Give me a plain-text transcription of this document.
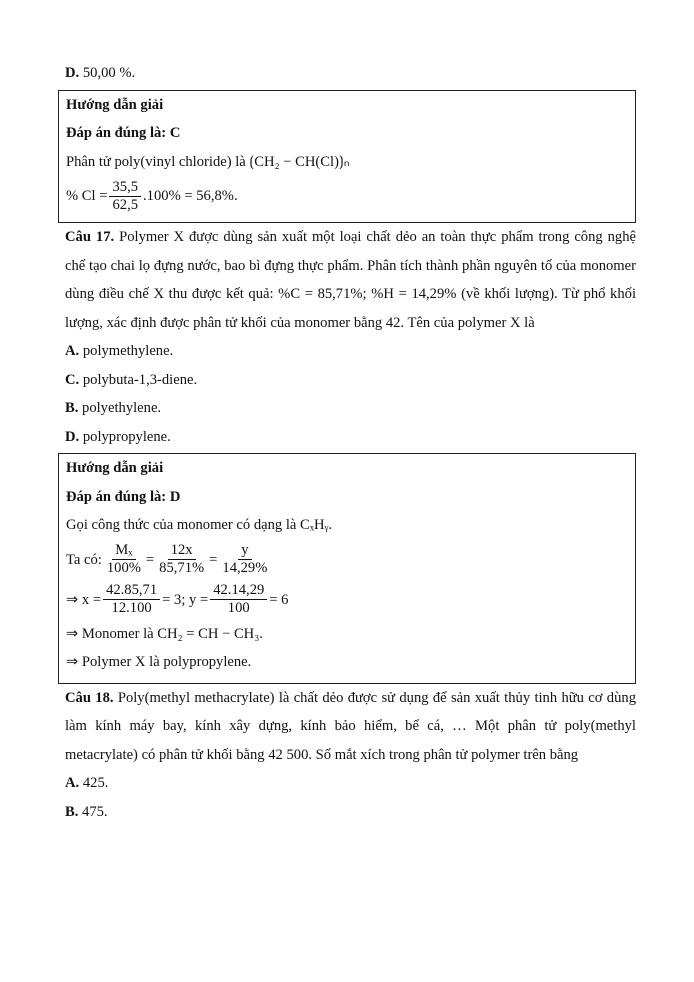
D. 50,00 %.
Hướng dẫn giải
Đáp án đúng là: C
Phân tử poly(vinyl chloride) là ⟮CH₂ − CH(Cl)⟯ₙ
% $Cl = \frac{35,5}{62,5} .100\% = 56,8\%$.
Câu 17. Polymer X được dùng sản xuất một loại chất dẻo an toàn thực phẩm trong công nghệ chế tạo chai lọ đựng nước, bao bì đựng thực phẩm. Phân tích thành phần nguyên tố của monomer dùng điều chế X thu được kết quả: %C = 85,71%; %H = 14,29% (về khối lượng). Từ phổ khối lượng, xác định được phân tử khối của monomer bằng 42. Tên của polymer X là
A. polymethylene.
C. polybuta-1,3-diene.
B. polyethylene.
D. polypropylene.
Hướng dẫn giải
Đáp án đúng là: D
Gọi công thức của monomer có dạng là CₓHᵧ.
Ta có: $\frac{\text{Mₓ}}{100\%} = \frac{12x}{85,71\%} = \frac{y}{14,29\%}$
⇒ $x = \frac{42.85,71}{12.100} = 3$; $y = \frac{42.14,29}{100} = 6$
⇒ Monomer là CH₂ = CH − CH₃.
⇒ Polymer X là polypropylene.
Câu 18. Poly(methyl methacrylate) là chất dẻo được sử dụng để sản xuất thủy tinh hữu cơ dùng làm kính máy bay, kính xây dựng, kính bảo hiểm, bể cá, … Một phân tử poly(methyl metacrylate) có phân tử khối bằng 42 500. Số mắt xích trong phân tử polymer trên bằng
A. 425.
B. 475.
